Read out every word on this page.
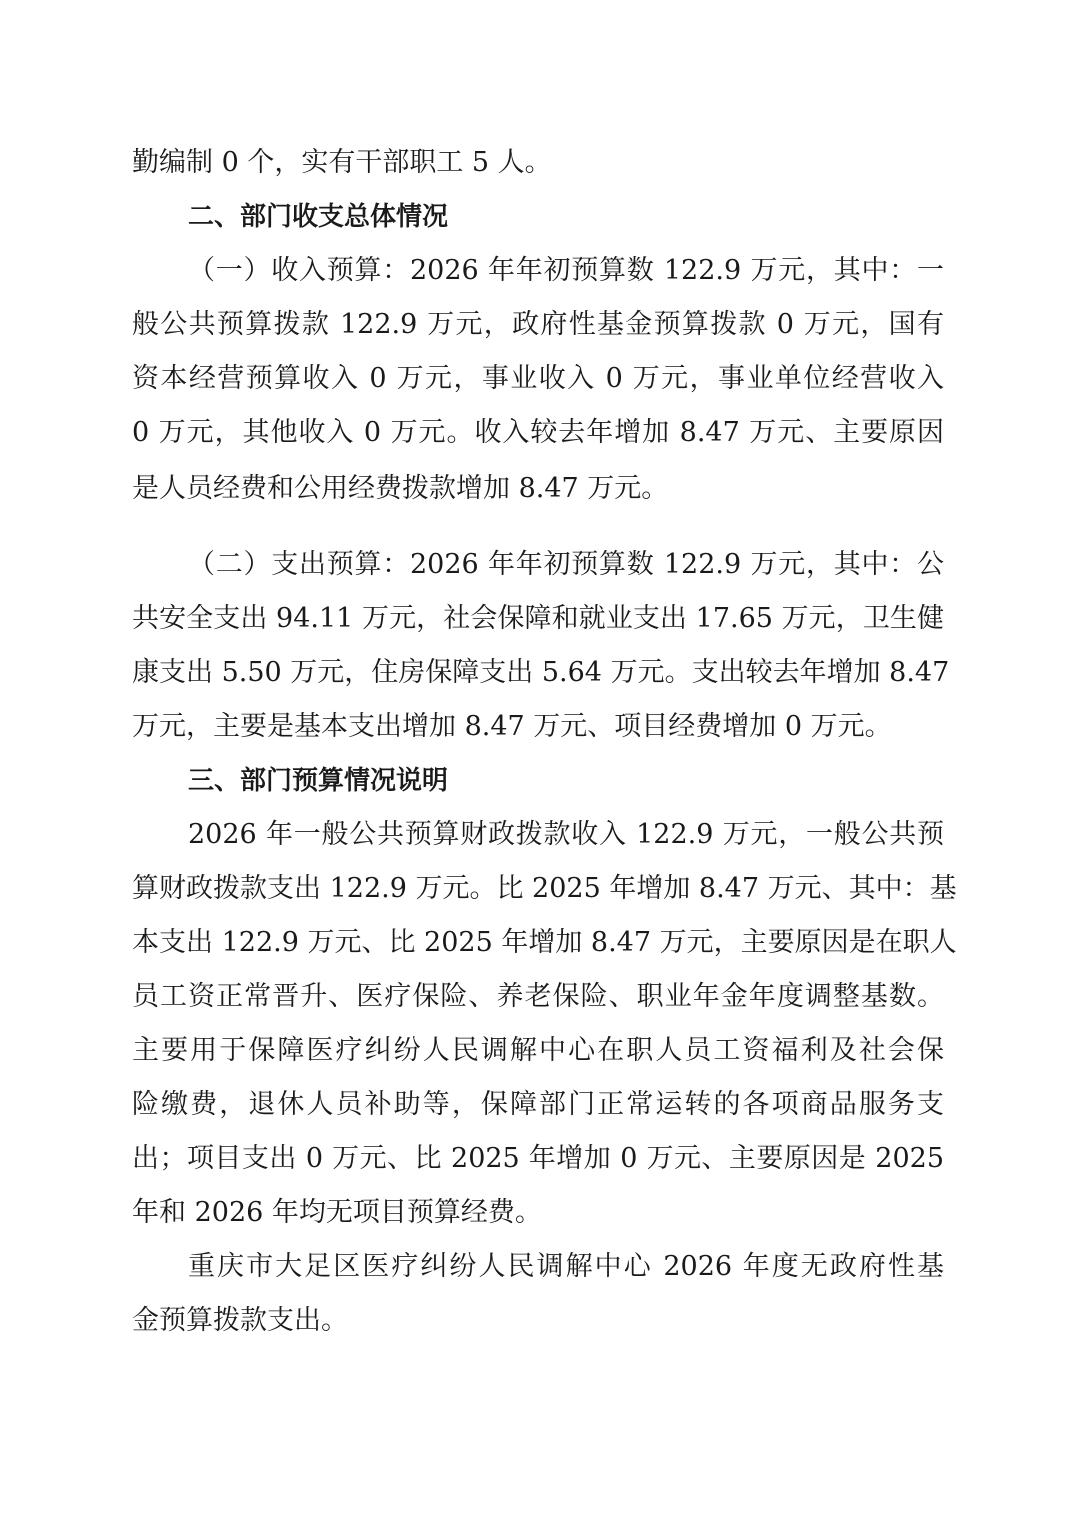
勤编制 0 个，实有干部职工 5 人。
二、部门收支总体情况
（一）收入预算：2026 年年初预算数 122.9 万元，其中：一
般公共预算拨款 122.9 万元，政府性基金预算拨款 0 万元，国有
资本经营预算收入 0 万元，事业收入 0 万元，事业单位经营收入
0 万元，其他收入 0 万元。收入较去年增加 8.47 万元、主要原因
是人员经费和公用经费拨款增加 8.47 万元。
（二）支出预算：2026 年年初预算数 122.9 万元，其中：公
共安全支出 94.11 万元，社会保障和就业支出 17.65 万元，卫生健
康支出 5.50 万元，住房保障支出 5.64 万元。支出较去年增加 8.47
万元，主要是基本支出增加 8.47 万元、项目经费增加 0 万元。
三、部门预算情况说明
2026 年一般公共预算财政拨款收入 122.9 万元，一般公共预
算财政拨款支出 122.9 万元。比 2025 年增加 8.47 万元、其中：基
本支出 122.9 万元、比 2025 年增加 8.47 万元，主要原因是在职人
员工资正常晋升、医疗保险、养老保险、职业年金年度调整基数。
主要用于保障医疗纠纷人民调解中心在职人员工资福利及社会保
险缴费，退休人员补助等，保障部门正常运转的各项商品服务支
出；项目支出 0 万元、比 2025 年增加 0 万元、主要原因是 2025
年和 2026 年均无项目预算经费。
重庆市大足区医疗纠纷人民调解中心 2026 年度无政府性基
金预算拨款支出。
